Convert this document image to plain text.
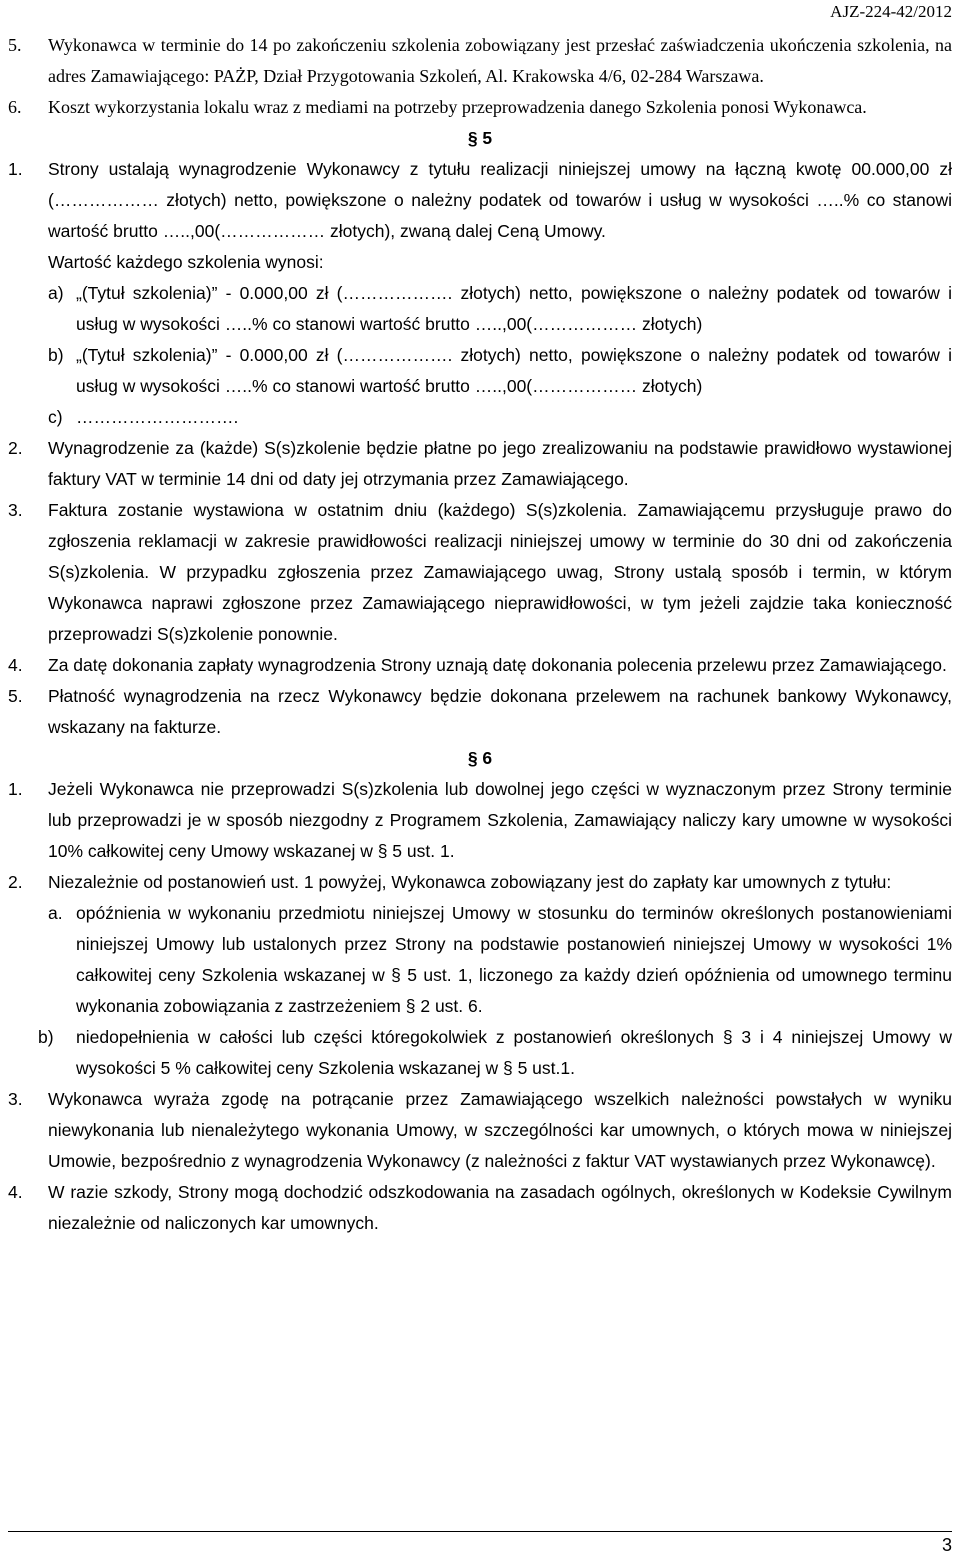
AJZ-224-42/2012
5. Wykonawca w terminie do 14 po zakończeniu szkolenia zobowiązany jest przesłać zaświadczenia ukończenia szkolenia, na adres Zamawiającego: PAŻP, Dział Przygotowania Szkoleń, Al. Krakowska 4/6, 02-284 Warszawa.
6. Koszt wykorzystania lokalu wraz z mediami na potrzeby przeprowadzenia danego Szkolenia ponosi Wykonawca.
§ 5
1. Strony ustalają wynagrodzenie Wykonawcy z tytułu realizacji niniejszej umowy na łączną kwotę 00.000,00 zł (……………… złotych) netto, powiększone o należny podatek od towarów i usług w wysokości …..% co stanowi wartość brutto …..,00(……………… złotych), zwaną dalej Ceną Umowy.
Wartość każdego szkolenia wynosi:
a) „(Tytuł szkolenia)” - 0.000,00 zł (………………. złotych) netto, powiększone o należny podatek od towarów i usług w wysokości …..% co stanowi wartość brutto …..,00(……………… złotych)
b) „(Tytuł szkolenia)” - 0.000,00 zł (………………. złotych) netto, powiększone o należny podatek od towarów i usług w wysokości …..% co stanowi wartość brutto …..,00(……………… złotych)
c) ……………………….
2. Wynagrodzenie za (każde) S(s)zkolenie będzie płatne po jego zrealizowaniu na podstawie prawidłowo wystawionej faktury VAT w terminie 14 dni od daty jej otrzymania przez Zamawiającego.
3. Faktura zostanie wystawiona w ostatnim dniu (każdego) S(s)zkolenia. Zamawiającemu przysługuje prawo do zgłoszenia reklamacji w zakresie prawidłowości realizacji niniejszej umowy w terminie do 30 dni od zakończenia S(s)zkolenia. W przypadku zgłoszenia przez Zamawiającego uwag, Strony ustalą sposób i termin, w którym Wykonawca naprawi zgłoszone przez Zamawiającego nieprawidłowości, w tym jeżeli zajdzie taka konieczność przeprowadzi S(s)zkolenie ponownie.
4. Za datę dokonania zapłaty wynagrodzenia Strony uznają datę dokonania polecenia przelewu przez Zamawiającego.
5. Płatność wynagrodzenia na rzecz Wykonawcy będzie dokonana przelewem na rachunek bankowy Wykonawcy, wskazany na fakturze.
§ 6
1. Jeżeli Wykonawca nie przeprowadzi S(s)zkolenia lub dowolnej jego części w wyznaczonym przez Strony terminie lub przeprowadzi je w sposób niezgodny z Programem Szkolenia, Zamawiający naliczy kary umowne w wysokości 10% całkowitej ceny Umowy wskazanej w § 5 ust. 1.
2. Niezależnie od postanowień ust. 1 powyżej, Wykonawca zobowiązany jest do zapłaty kar umownych z tytułu:
a. opóźnienia w wykonaniu przedmiotu niniejszej Umowy w stosunku do terminów określonych postanowieniami niniejszej Umowy lub ustalonych przez Strony na podstawie postanowień niniejszej Umowy w wysokości 1% całkowitej ceny Szkolenia wskazanej w § 5 ust. 1, liczonego za każdy dzień opóźnienia od umownego terminu wykonania zobowiązania z zastrzeżeniem § 2 ust. 6.
b) niedopełnienia w całości lub części któregokolwiek z postanowień określonych § 3 i 4 niniejszej Umowy w wysokości 5 % całkowitej ceny Szkolenia wskazanej w § 5 ust.1.
3. Wykonawca wyraża zgodę na potrącanie przez Zamawiającego wszelkich należności powstałych w wyniku niewykonania lub nienależytego wykonania Umowy, w szczególności kar umownych, o których mowa w niniejszej Umowie, bezpośrednio z wynagrodzenia Wykonawcy (z należności z faktur VAT wystawianych przez Wykonawcę).
4. W razie szkody, Strony mogą dochodzić odszkodowania na zasadach ogólnych, określonych w Kodeksie Cywilnym niezależnie od naliczonych kar umownych.
3
